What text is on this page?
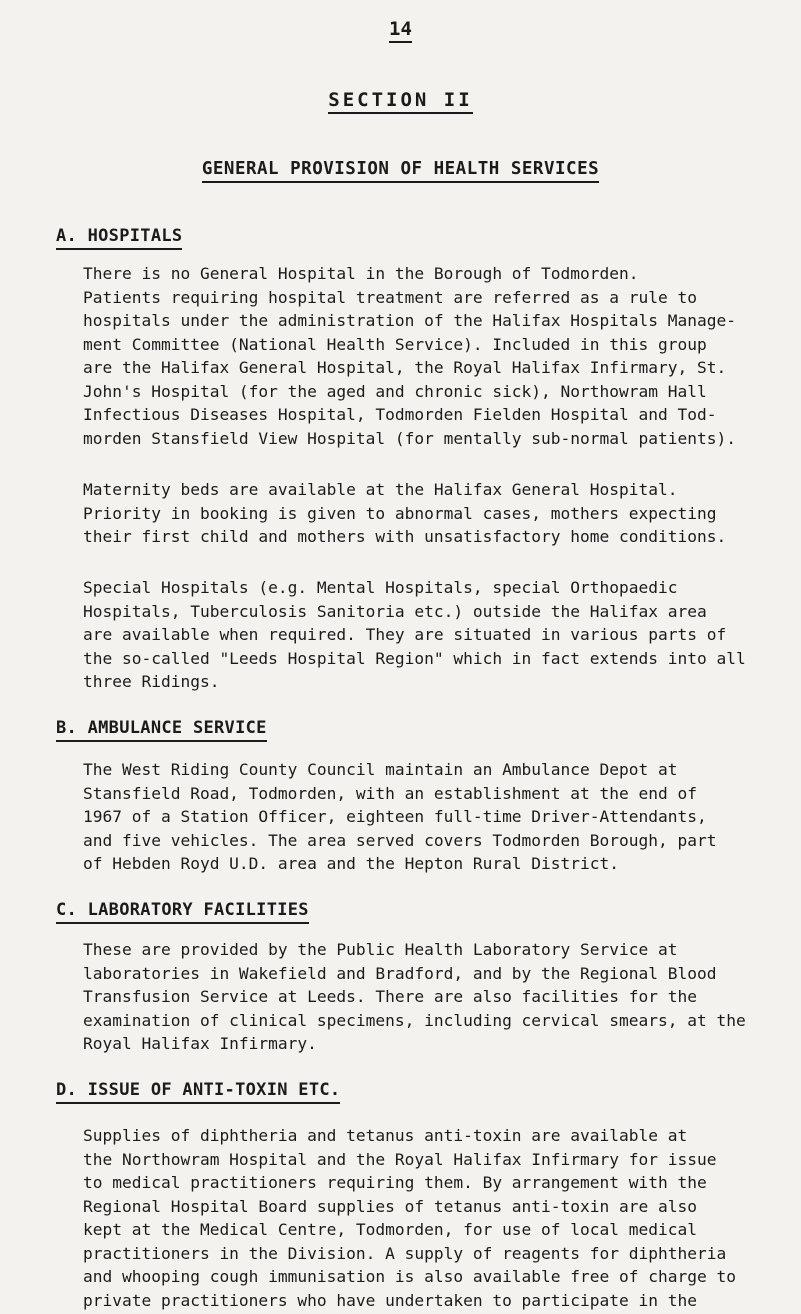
14
SECTION II
GENERAL PROVISION OF HEALTH SERVICES
A. HOSPITALS

There is no General Hospital in the Borough of Todmorden.
Patients requiring hospital treatment are referred as a rule to
hospitals under the administration of the Halifax Hospitals Manage-
ment Committee (National Health Service). Included in this group
are the Halifax General Hospital, the Royal Halifax Infirmary, St.
John's Hospital (for the aged and chronic sick), Northowram Hall
Infectious Diseases Hospital, Todmorden Fielden Hospital and Tod-
morden Stansfield View Hospital (for mentally sub-normal patients).

Maternity beds are available at the Halifax General Hospital.
Priority in booking is given to abnormal cases, mothers expecting
their first child and mothers with unsatisfactory home conditions.

Special Hospitals (e.g. Mental Hospitals, special Orthopaedic
Hospitals, Tuberculosis Sanitoria etc.) outside the Halifax area
are available when required. They are situated in various parts of
the so-called "Leeds Hospital Region" which in fact extends into all
three Ridings.

B. AMBULANCE SERVICE

The West Riding County Council maintain an Ambulance Depot at
Stansfield Road, Todmorden, with an establishment at the end of
1967 of a Station Officer, eighteen full-time Driver-Attendants,
and five vehicles. The area served covers Todmorden Borough, part
of Hebden Royd U.D. area and the Hepton Rural District.

C. LABORATORY FACILITIES

These are provided by the Public Health Laboratory Service at
laboratories in Wakefield and Bradford, and by the Regional Blood
Transfusion Service at Leeds. There are also facilities for the
examination of clinical specimens, including cervical smears, at the
Royal Halifax Infirmary.

D. ISSUE OF ANTI-TOXIN ETC.

Supplies of diphtheria and tetanus anti-toxin are available at
the Northowram Hospital and the Royal Halifax Infirmary for issue
to medical practitioners requiring them. By arrangement with the
Regional Hospital Board supplies of tetanus anti-toxin are also
kept at the Medical Centre, Todmorden, for use of local medical
practitioners in the Division. A supply of reagents for diphtheria
and whooping cough immunisation is also available free of charge to
private practitioners who have undertaken to participate in the
